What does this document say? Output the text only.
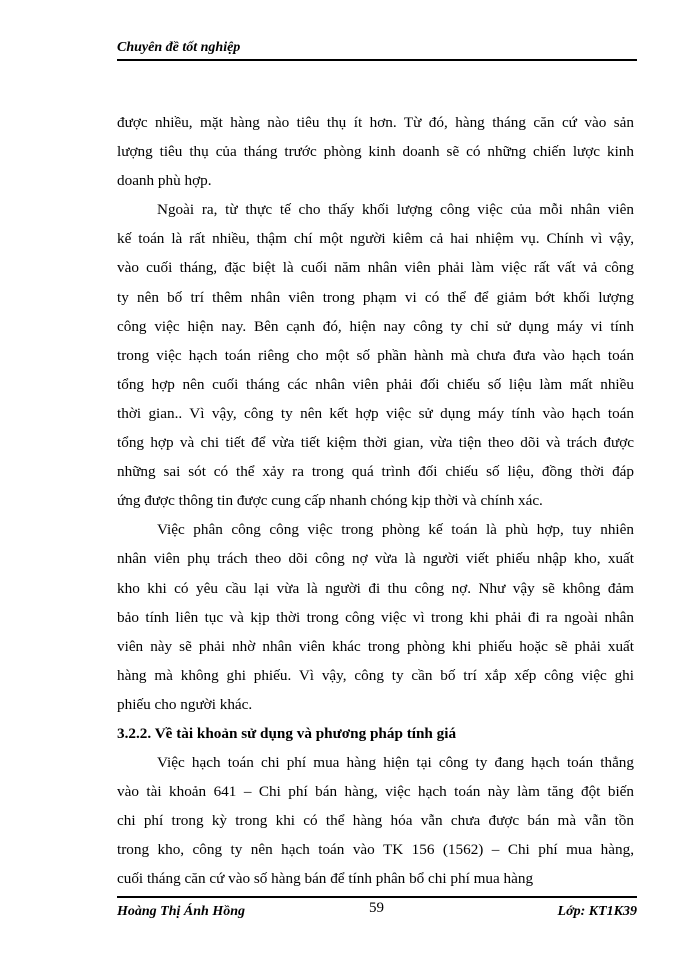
Chuyên đề tốt nghiệp
được nhiều, mặt hàng nào tiêu thụ ít hơn. Từ đó, hàng tháng căn cứ vào sản
lượng tiêu thụ của tháng trước phòng kinh doanh sẽ có những chiến lược kinh
doanh phù hợp.
Ngoài ra, từ thực tế cho thấy khối lượng công việc của mỗi nhân viên
kế toán là rất nhiều, thậm chí một người kiêm cả hai nhiệm vụ. Chính vì vậy,
vào cuối tháng, đặc biệt là cuối năm nhân viên phải làm việc rất vất vả công
ty nên bố trí thêm nhân viên trong phạm vi có thể để giảm bớt khối lượng
công việc hiện nay. Bên cạnh đó, hiện nay công ty chỉ sử dụng máy vi tính
trong việc hạch toán riêng cho một số phần hành mà chưa đưa vào hạch toán
tổng hợp nên cuối tháng các nhân viên phải đối chiếu số liệu làm mất nhiều
thời gian.. Vì vậy, công ty nên kết hợp việc sử dụng máy tính vào hạch toán
tổng hợp và chi tiết để vừa tiết kiệm thời gian, vừa tiện theo dõi và trách được
những sai sót có thể xảy ra trong quá trình đối chiếu số liệu, đồng thời đáp
ứng được thông tin được cung cấp nhanh chóng kịp thời và chính xác.
Việc phân công công việc trong phòng kế toán là phù hợp, tuy nhiên
nhân viên phụ trách theo dõi công nợ vừa là người viết phiếu nhập kho, xuất
kho khi có yêu cầu lại vừa là người đi thu công nợ. Như vậy sẽ không đảm
bảo tính liên tục và kịp thời trong công việc vì trong khi phải đi ra ngoài nhân
viên này sẽ phải nhờ nhân viên khác trong phòng khi phiếu hoặc sẽ phải xuất
hàng mà không ghi phiếu. Vì vậy, công ty cần bố trí xắp xếp công việc ghi
phiếu cho người khác.
3.2.2. Về tài khoản sử dụng và phương pháp tính giá
Việc hạch toán chi phí mua hàng hiện tại công ty đang hạch toán thẳng
vào tài khoản 641 – Chi phí bán hàng, việc hạch toán này làm tăng đột biến
chi phí trong kỳ trong khi có thể hàng hóa vẫn chưa được bán mà vẫn tồn
trong kho, công ty nên hạch toán vào TK 156 (1562) – Chi phí mua hàng,
cuối tháng căn cứ vào số hàng bán để tính phân bổ chi phí mua hàng
Hoàng Thị Ánh Hồng	59	Lớp: KT1K39
